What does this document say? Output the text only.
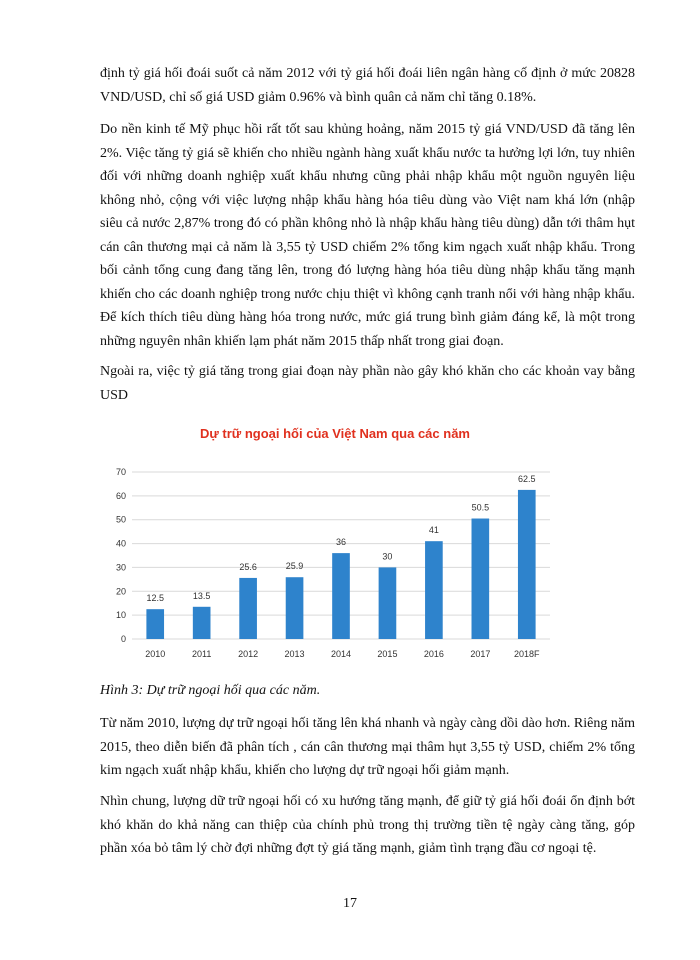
định tỷ giá hối đoái suốt cả năm 2012 với tỷ giá hối đoái liên ngân hàng cố định ở mức 20828 VND/USD, chỉ số giá USD giảm 0.96% và bình quân cả năm chỉ tăng 0.18%.

Do nền kinh tế Mỹ phục hồi rất tốt sau khủng hoảng, năm 2015 tỷ giá VND/USD đã tăng lên 2%. Việc tăng tỷ giá sẽ khiến cho nhiều ngành hàng xuất khẩu nước ta hưởng lợi lớn, tuy nhiên đối với những doanh nghiệp xuất khẩu nhưng cũng phải nhập khẩu một nguồn nguyên liệu không nhỏ, cộng với việc lượng nhập khẩu hàng hóa tiêu dùng vào Việt nam khá lớn (nhập siêu cả nước 2,87% trong đó có phần không nhỏ là nhập khẩu hàng tiêu dùng) dẫn tới thâm hụt cán cân thương mại cả năm là 3,55 tỷ USD chiếm 2% tổng kim ngạch xuất nhập khẩu. Trong bối cảnh tổng cung đang tăng lên, trong đó lượng hàng hóa tiêu dùng nhập khẩu tăng mạnh khiến cho các doanh nghiệp trong nước chịu thiệt vì không cạnh tranh nổi với hàng nhập khẩu. Để kích thích tiêu dùng hàng hóa trong nước, mức giá trung bình giảm đáng kể, là một trong những nguyên nhân khiến lạm phát năm 2015 thấp nhất trong giai đoạn.

Ngoài ra, việc tỷ giá tăng trong giai đoạn này phần nào gây khó khăn cho các khoản vay bằng USD

Dự trữ ngoại hối của Việt Nam qua các năm
0
10
20
30
40
50
60
70
12.5
2010
13.5
2011
25.6
2012
25.9
2013
36
2014
30
2015
41
2016
50.5
2017
62.5
2018F

Hình 3: Dự trữ ngoại hối qua các năm.

Từ năm 2010, lượng dự trữ ngoại hối tăng lên khá nhanh và ngày càng dồi dào hơn. Riêng năm 2015, theo diễn biến đã phân tích , cán cân thương mại thâm hụt 3,55 tỷ USD, chiếm 2% tổng kim ngạch xuất nhập khẩu, khiến cho lượng dự trữ ngoại hối giảm mạnh.

Nhìn chung, lượng dữ trữ ngoại hối có xu hướng tăng mạnh, để giữ tỷ giá hối đoái ổn định bớt khó khăn do khả năng can thiệp của chính phủ trong thị trường tiền tệ ngày càng tăng, góp phần xóa bỏ tâm lý chờ đợi những đợt tỷ giá tăng mạnh, giảm tình trạng đầu cơ ngoại tệ.

17
